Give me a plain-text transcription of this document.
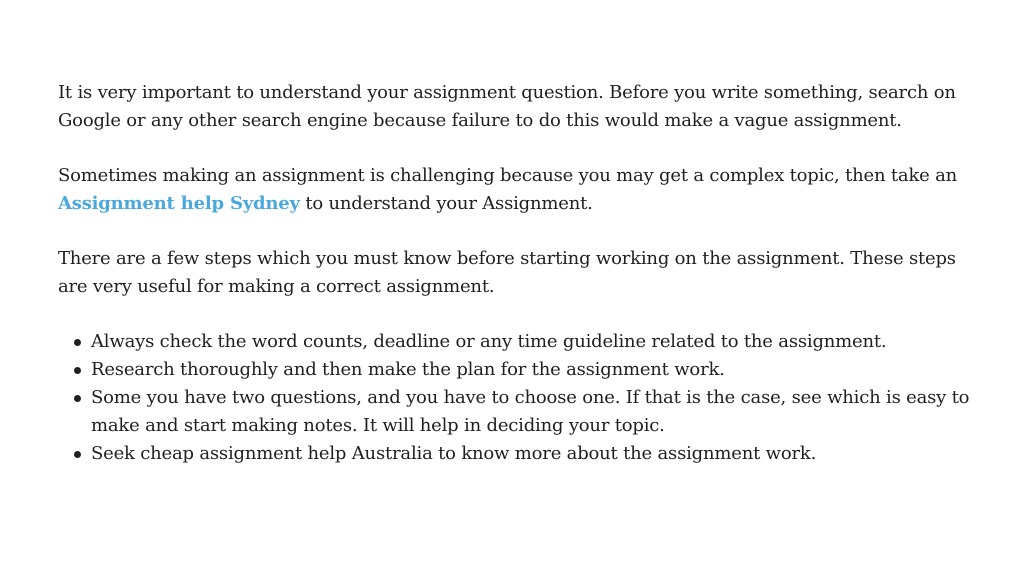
It is very important to understand your assignment question. Before you write something, search on Google or any other search engine because failure to do this would make a vague assignment.

Sometimes making an assignment is challenging because you may get a complex topic, then take an Assignment help Sydney to understand your Assignment.

There are a few steps which you must know before starting working on the assignment. These steps are very useful for making a correct assignment.

Always check the word counts, deadline or any time guideline related to the assignment.
Research thoroughly and then make the plan for the assignment work.
Some you have two questions, and you have to choose one. If that is the case, see which is easy to make and start making notes. It will help in deciding your topic.
Seek cheap assignment help Australia to know more about the assignment work.
